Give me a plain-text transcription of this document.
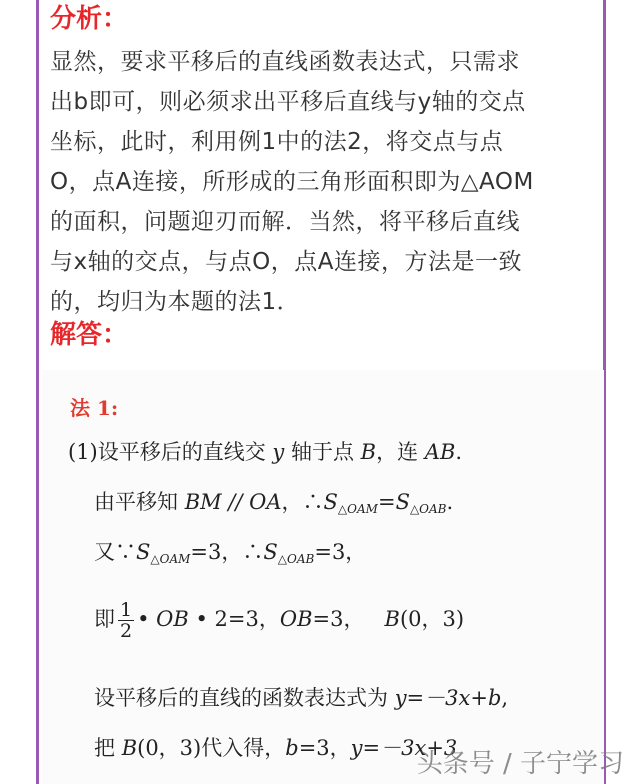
分析：
显然，要求平移后的直线函数表达式，只需求
出b即可，则必须求出平移后直线与y轴的交点
坐标，此时，利用例1中的法2，将交点与点
O，点A连接，所形成的三角形面积即为△AOM
的面积，问题迎刃而解．当然，将平移后直线
与x轴的交点，与点O，点A连接，方法是一致
的，均归为本题的法1．
解答：
法 1:
(1)设平移后的直线交 y 轴于点 B，连 AB.
由平移知 BM // OA，$\therefore S_{\triangle OAM}=S_{\triangle OAB}$.
又$\because S_{\triangle OAM}=3$，$\therefore S_{\triangle OAB}=3$，
即 $\frac{1}{2}$ • OB • 2=3，OB=3，   B(0，3)
设平移后的直线的函数表达式为 y=－3x+b,
把 B(0，3)代入得，b=3，y=－3x+3
头条号 / 子宁学习
